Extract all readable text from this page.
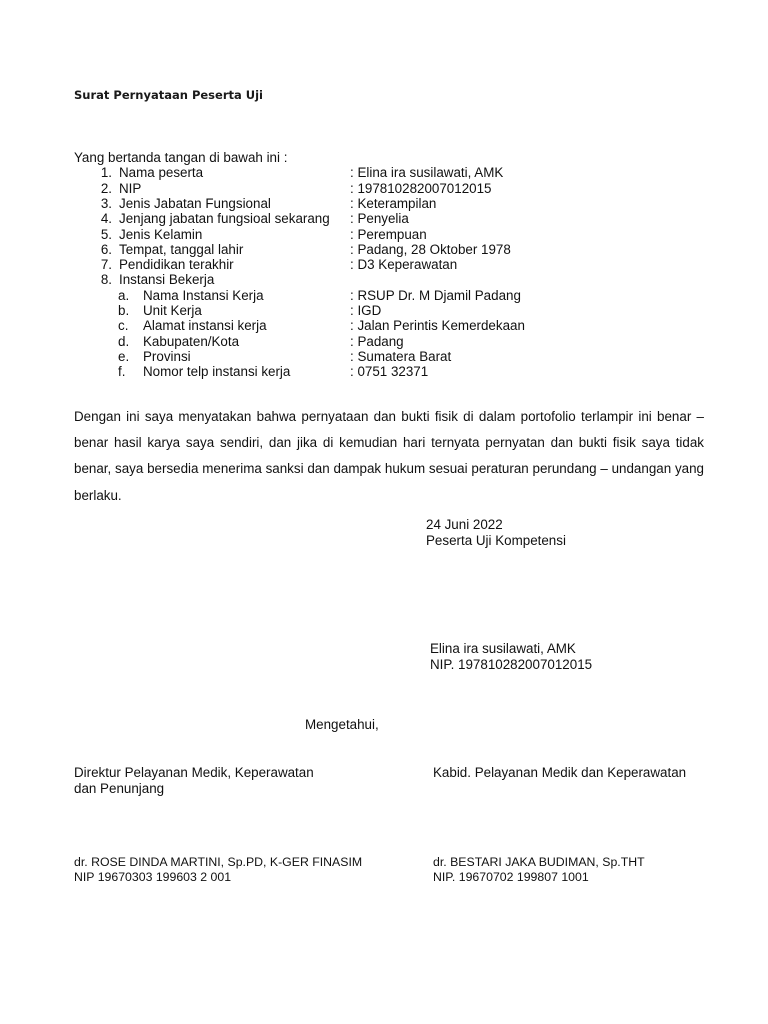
Surat Pernyataan Peserta Uji
Yang bertanda tangan di bawah ini :
1. Nama peserta	: Elina ira susilawati, AMK
2. NIP	: 197810282007012015
3. Jenis Jabatan Fungsional	: Keterampilan
4. Jenjang jabatan fungsioal sekarang : Penyelia
5. Jenis Kelamin	: Perempuan
6. Tempat, tanggal lahir	: Padang, 28 Oktober 1978
7. Pendidikan terakhir	: D3 Keperawatan
8. Instansi Bekerja
a. Nama Instansi Kerja	: RSUP Dr. M Djamil Padang
b. Unit Kerja	: IGD
c. Alamat instansi kerja	: Jalan Perintis Kemerdekaan
d. Kabupaten/Kota	: Padang
e. Provinsi	: Sumatera Barat
f. Nomor telp instansi kerja	: 0751 32371
Dengan ini saya menyatakan bahwa pernyataan dan bukti fisik di dalam portofolio terlampir ini benar – benar hasil karya saya sendiri, dan jika di kemudian hari ternyata pernyatan dan bukti fisik saya tidak benar, saya bersedia menerima sanksi dan dampak hukum sesuai peraturan perundang – undangan yang berlaku.
24 Juni 2022
Peserta Uji Kompetensi
Elina ira susilawati, AMK
NIP. 197810282007012015
Mengetahui,
Direktur Pelayanan Medik, Keperawatan
dan Penunjang
Kabid. Pelayanan Medik dan Keperawatan
dr. ROSE DINDA MARTINI, Sp.PD, K-GER FINASIM
NIP 19670303 199603 2 001
dr. BESTARI JAKA BUDIMAN, Sp.THT
NIP. 19670702 199807 1001
